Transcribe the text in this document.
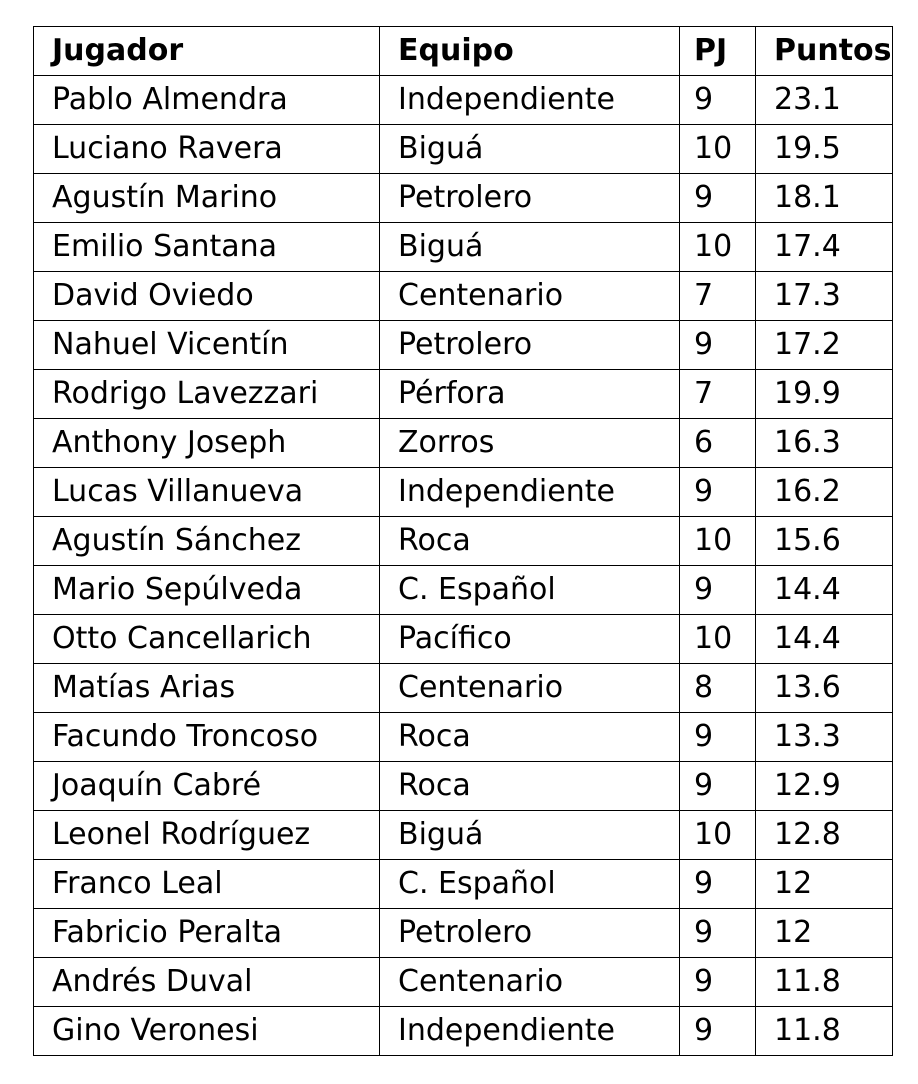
Jugador	Equipo	PJ	Puntos
Pablo Almendra	Independiente	9	23.1
Luciano Ravera	Biguá	10	19.5
Agustín Marino	Petrolero	9	18.1
Emilio Santana	Biguá	10	17.4
David Oviedo	Centenario	7	17.3
Nahuel Vicentín	Petrolero	9	17.2
Rodrigo Lavezzari	Pérfora	7	19.9
Anthony Joseph	Zorros	6	16.3
Lucas Villanueva	Independiente	9	16.2
Agustín Sánchez	Roca	10	15.6
Mario Sepúlveda	C. Español	9	14.4
Otto Cancellarich	Pacífico	10	14.4
Matías Arias	Centenario	8	13.6
Facundo Troncoso	Roca	9	13.3
Joaquín Cabré	Roca	9	12.9
Leonel Rodríguez	Biguá	10	12.8
Franco Leal	C. Español	9	12
Fabricio Peralta	Petrolero	9	12
Andrés Duval	Centenario	9	11.8
Gino Veronesi	Independiente	9	11.8
